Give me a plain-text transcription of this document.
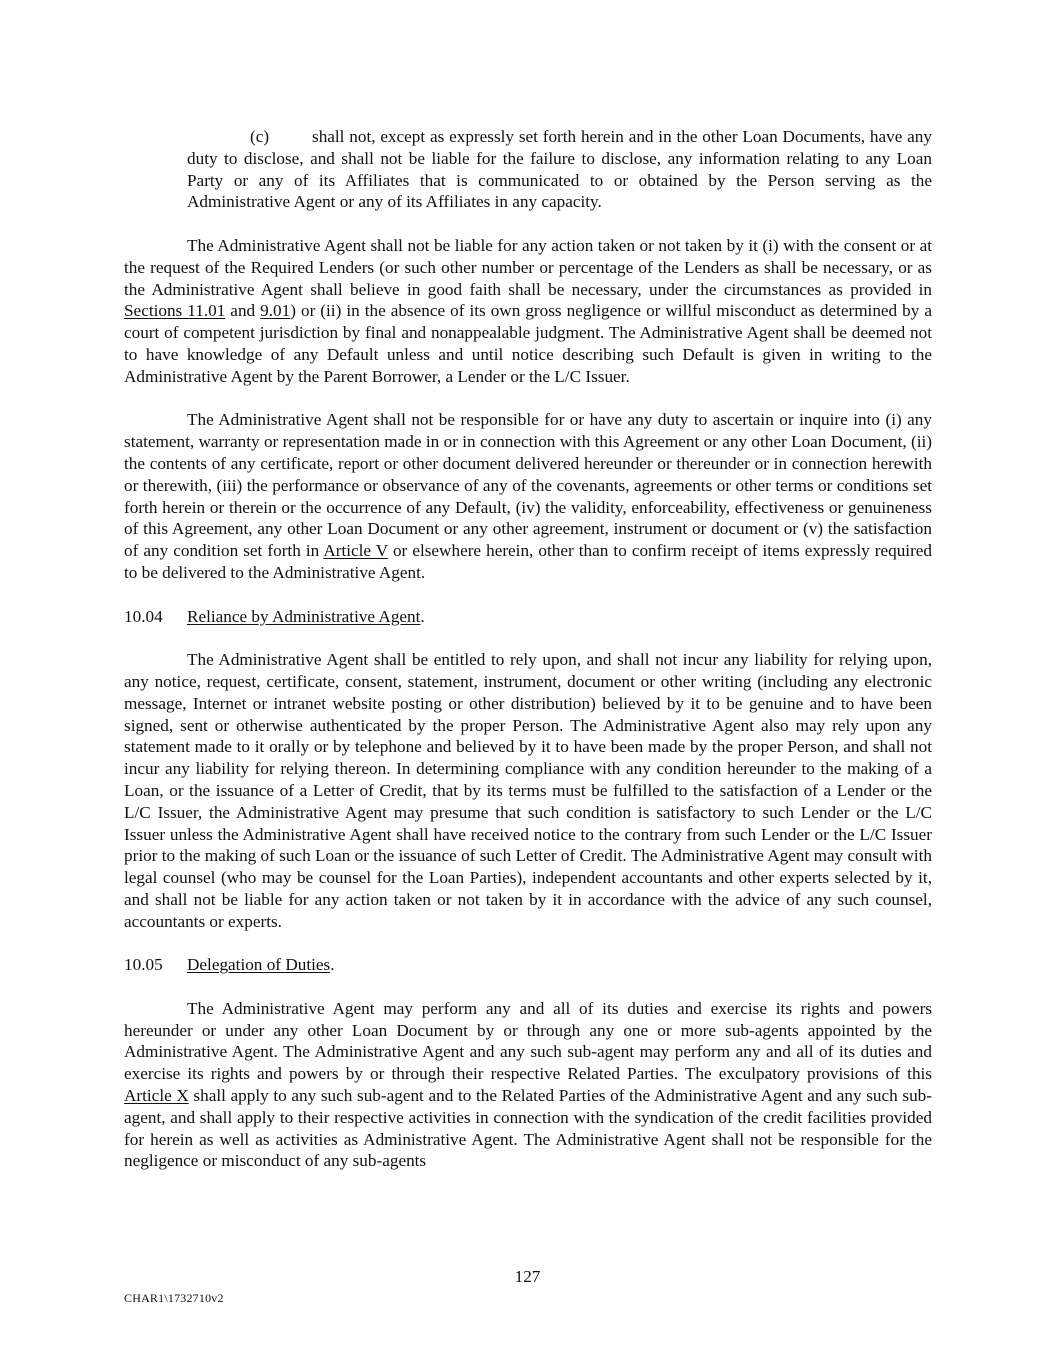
(c) shall not, except as expressly set forth herein and in the other Loan Documents, have any duty to disclose, and shall not be liable for the failure to disclose, any information relating to any Loan Party or any of its Affiliates that is communicated to or obtained by the Person serving as the Administrative Agent or any of its Affiliates in any capacity.

The Administrative Agent shall not be liable for any action taken or not taken by it (i) with the consent or at the request of the Required Lenders (or such other number or percentage of the Lenders as shall be necessary, or as the Administrative Agent shall believe in good faith shall be necessary, under the circumstances as provided in Sections 11.01 and 9.01) or (ii) in the absence of its own gross negligence or willful misconduct as determined by a court of competent jurisdiction by final and nonappealable judgment. The Administrative Agent shall be deemed not to have knowledge of any Default unless and until notice describing such Default is given in writing to the Administrative Agent by the Parent Borrower, a Lender or the L/C Issuer.

The Administrative Agent shall not be responsible for or have any duty to ascertain or inquire into (i) any statement, warranty or representation made in or in connection with this Agreement or any other Loan Document, (ii) the contents of any certificate, report or other document delivered hereunder or thereunder or in connection herewith or therewith, (iii) the performance or observance of any of the covenants, agreements or other terms or conditions set forth herein or therein or the occurrence of any Default, (iv) the validity, enforceability, effectiveness or genuineness of this Agreement, any other Loan Document or any other agreement, instrument or document or (v) the satisfaction of any condition set forth in Article V or elsewhere herein, other than to confirm receipt of items expressly required to be delivered to the Administrative Agent.

10.04 Reliance by Administrative Agent.

The Administrative Agent shall be entitled to rely upon, and shall not incur any liability for relying upon, any notice, request, certificate, consent, statement, instrument, document or other writing (including any electronic message, Internet or intranet website posting or other distribution) believed by it to be genuine and to have been signed, sent or otherwise authenticated by the proper Person. The Administrative Agent also may rely upon any statement made to it orally or by telephone and believed by it to have been made by the proper Person, and shall not incur any liability for relying thereon. In determining compliance with any condition hereunder to the making of a Loan, or the issuance of a Letter of Credit, that by its terms must be fulfilled to the satisfaction of a Lender or the L/C Issuer, the Administrative Agent may presume that such condition is satisfactory to such Lender or the L/C Issuer unless the Administrative Agent shall have received notice to the contrary from such Lender or the L/C Issuer prior to the making of such Loan or the issuance of such Letter of Credit. The Administrative Agent may consult with legal counsel (who may be counsel for the Loan Parties), independent accountants and other experts selected by it, and shall not be liable for any action taken or not taken by it in accordance with the advice of any such counsel, accountants or experts.

10.05 Delegation of Duties.

The Administrative Agent may perform any and all of its duties and exercise its rights and powers hereunder or under any other Loan Document by or through any one or more sub-agents appointed by the Administrative Agent. The Administrative Agent and any such sub-agent may perform any and all of its duties and exercise its rights and powers by or through their respective Related Parties. The exculpatory provisions of this Article X shall apply to any such sub-agent and to the Related Parties of the Administrative Agent and any such sub-agent, and shall apply to their respective activities in connection with the syndication of the credit facilities provided for herein as well as activities as Administrative Agent. The Administrative Agent shall not be responsible for the negligence or misconduct of any sub-agents

127
CHAR1\1732710v2
